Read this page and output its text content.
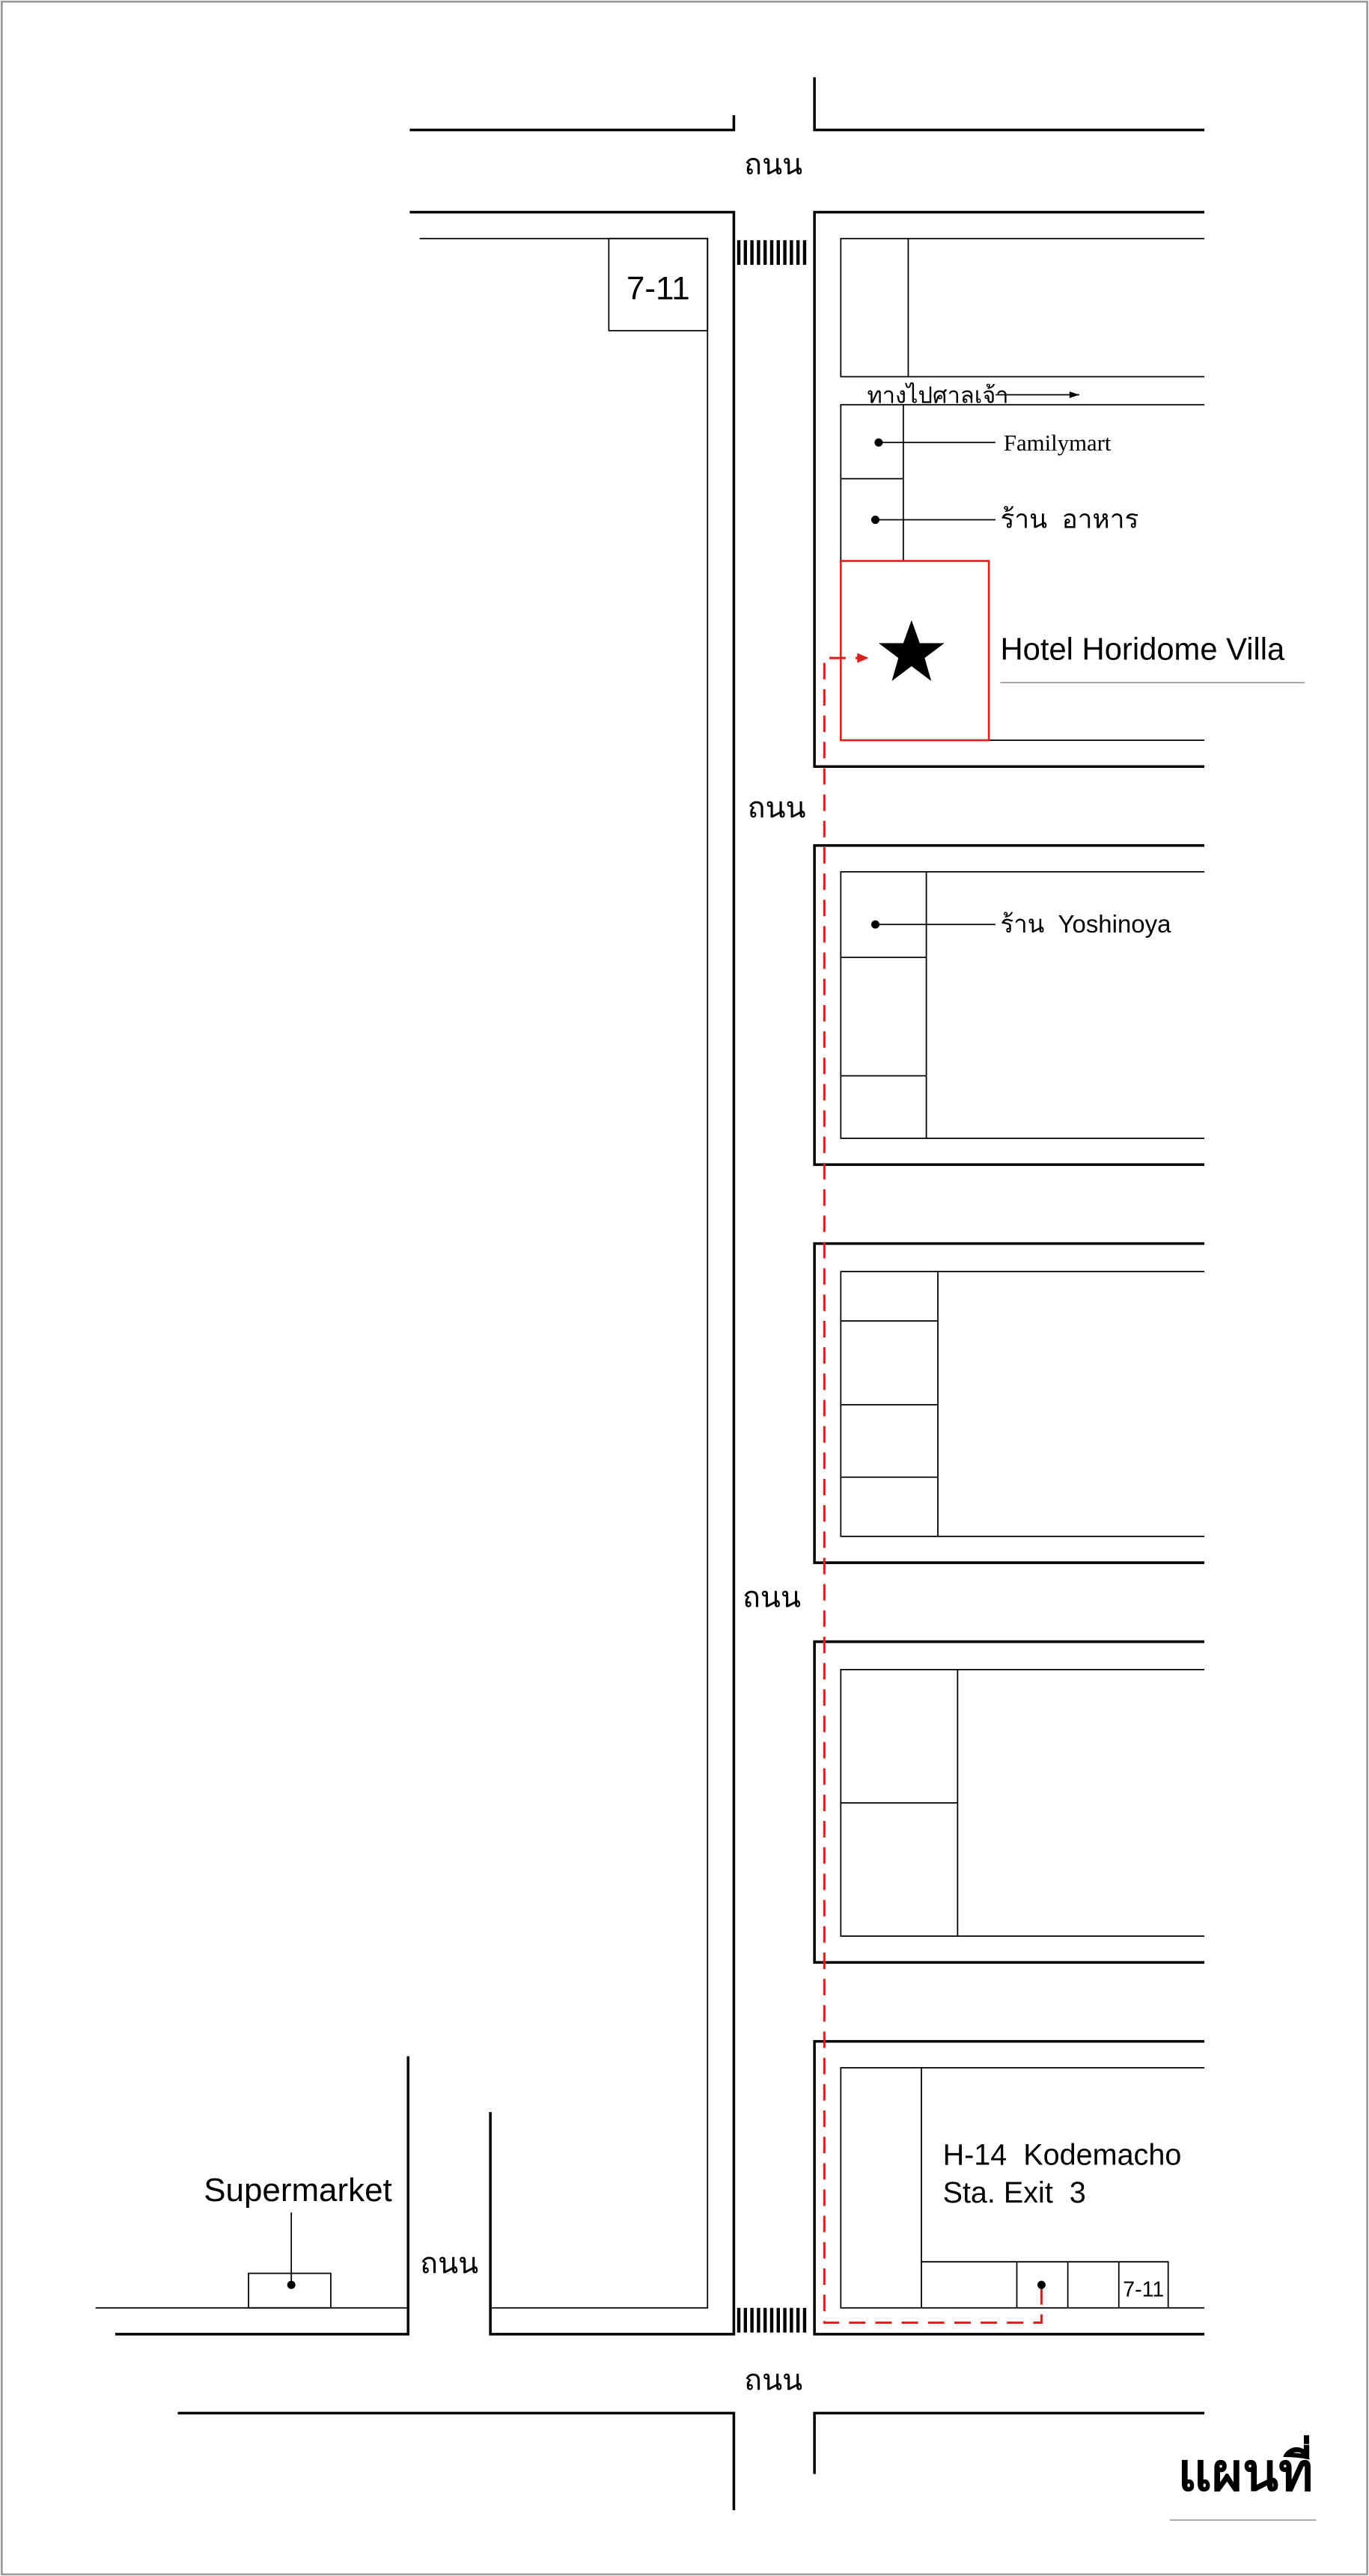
ถนน
ถนน
ถนน
ถนน
ถนน
7-11
ทางไปศาลเจ้า
Familymart
ร้าน  อาหาร
Hotel Horidome Villa
ร้าน  Yoshinoya
H-14  Kodemacho
Sta. Exit  3
7-11
Supermarket
แผนที่
